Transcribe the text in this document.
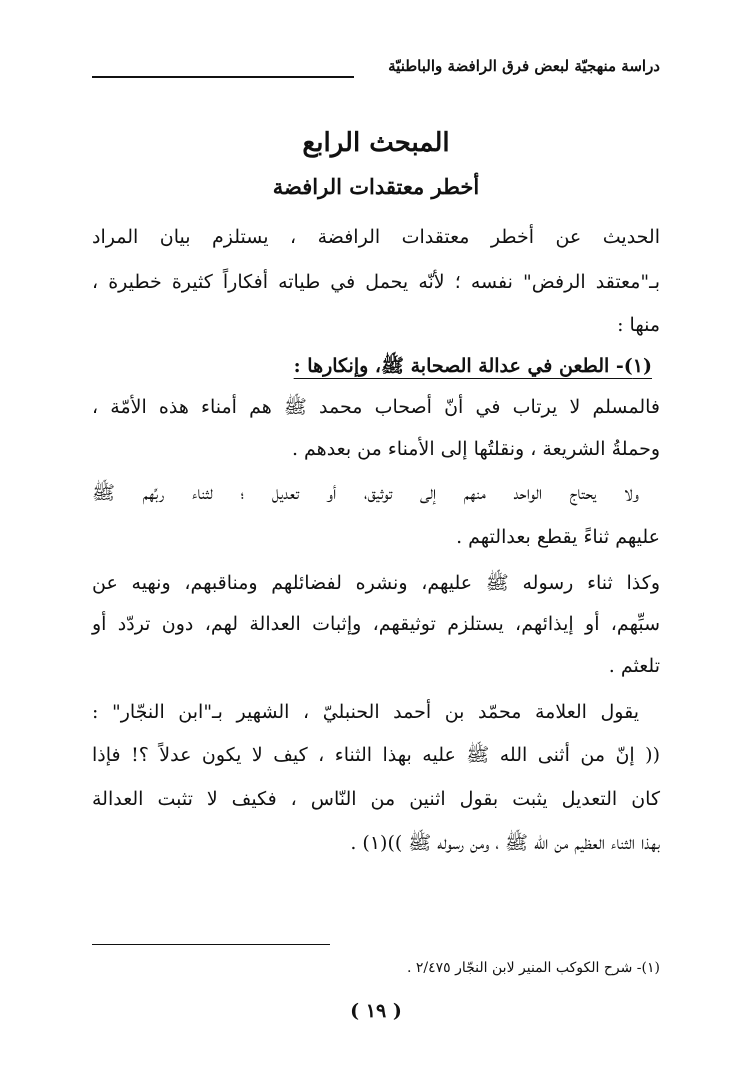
دراسة منهجيّة لبعض فرق الرافضة والباطنيّة
المبحث الرابع
أخطر معتقدات الرافضة
الحديث عن أخطر معتقدات الرافضة ، يستلزم بيان المراد
بـ"معتقد الرفض" نفسه ؛ لأنّه يحمل في طياته أفكاراً كثيرة خطيرة ،
منها :
(١)- الطعن في عدالة الصحابة ﷺ، وإنكارها :
فالمسلم لا يرتاب في أنّ أصحاب محمد ﷺ هم أمناء هذه الأمّة ،
وحملةُ الشريعة ، ونقلتُها إلى الأمناء من بعدهم .
ولا يحتاج الواحد منهم إلى توثيق، أو تعديل ؛ لثناء ربِّهم ﷺ
عليهم ثناءً يقطع بعدالتهم .
وكذا ثناء رسوله ﷺ عليهم، ونشره لفضائلهم ومناقبهم، ونهيه عن
سبِّهم، أو إيذائهم، يستلزم توثيقهم، وإثبات العدالة لهم، دون تردّد أو
تلعثم .
يقول العلامة محمّد بن أحمد الحنبليّ ، الشهير بـ"ابن النجّار" :
(( إنّ من أثنى الله ﷺ عليه بهذا الثناء ، كيف لا يكون عدلاً ؟! فإذا
كان التعديل يثبت بقول اثنين من النّاس ، فكيف لا تثبت العدالة
بهذا الثناء العظيم من الله ﷺ ، ومن رسوله ﷺ ))(١) .
(١)- شرح الكوكب المنير لابن النجّار ٢/٤٧٥ .
( ١٩ )
